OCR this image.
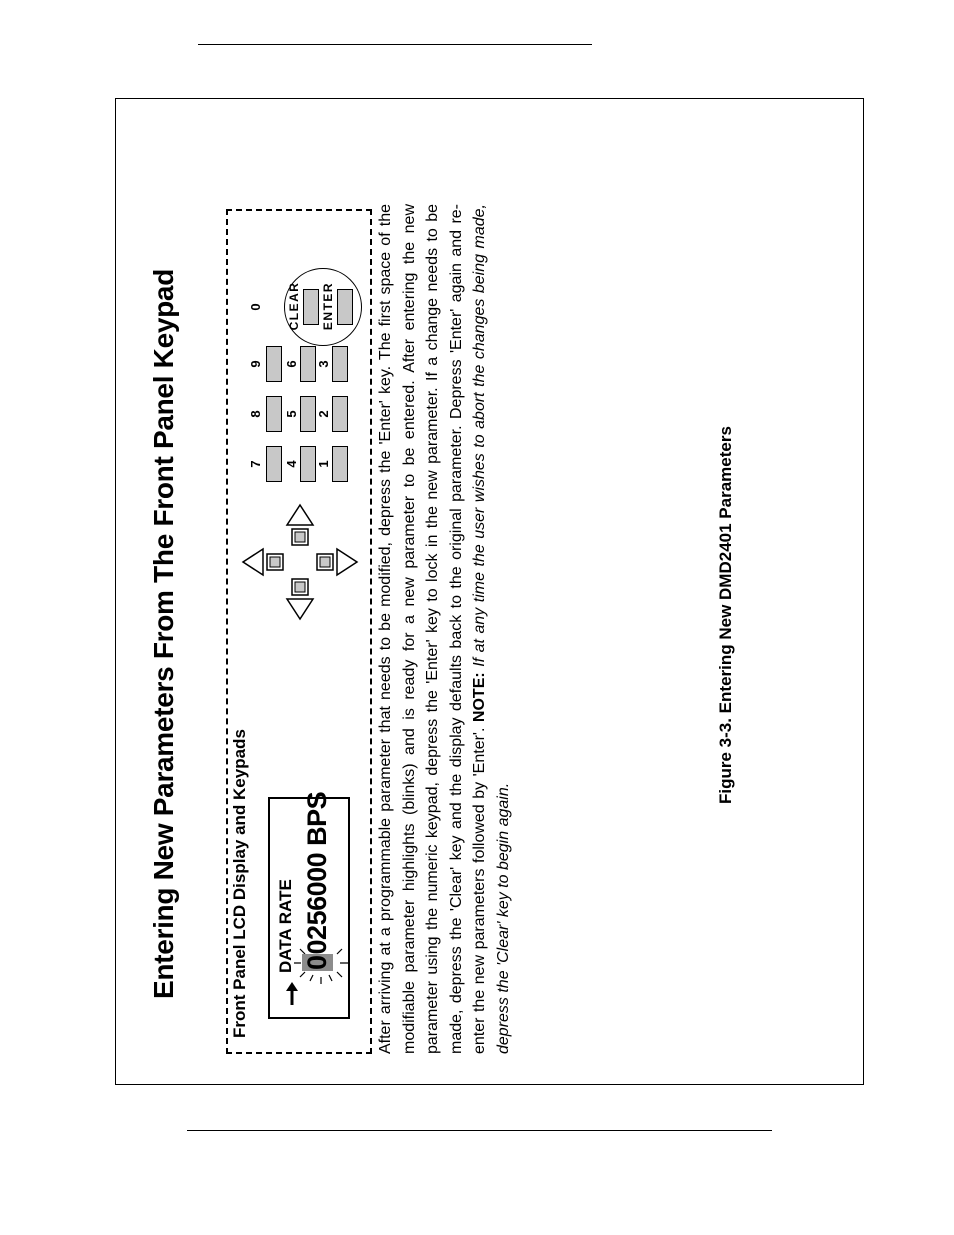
Entering New Parameters From The Front Panel Keypad	Front Panel LCD Display and Keypads DATA RATE 00256000 BPS
7
8
9
0
4
5
6
1
2
3
CLEAR ENTER	After arriving at a programmable parameter that needs to be modified, depress the 'Enter' key. The first space of the modifiable parameter highlights (blinks) and is ready for a new parameter to be entered. After entering the new parameter using the numeric keypad, depress the 'Enter' key to lock in the new parameter. If a change needs to be made, depress the 'Clear' key and the display defaults back to the original parameter. Depress 'Enter' again and re-enter the new parameters followed by 'Enter'. NOTE: If at any time the user wishes to abort the changes being made, depress the 'Clear' key to begin again.
Figure 3-3. Entering New DMD2401 Parameters
